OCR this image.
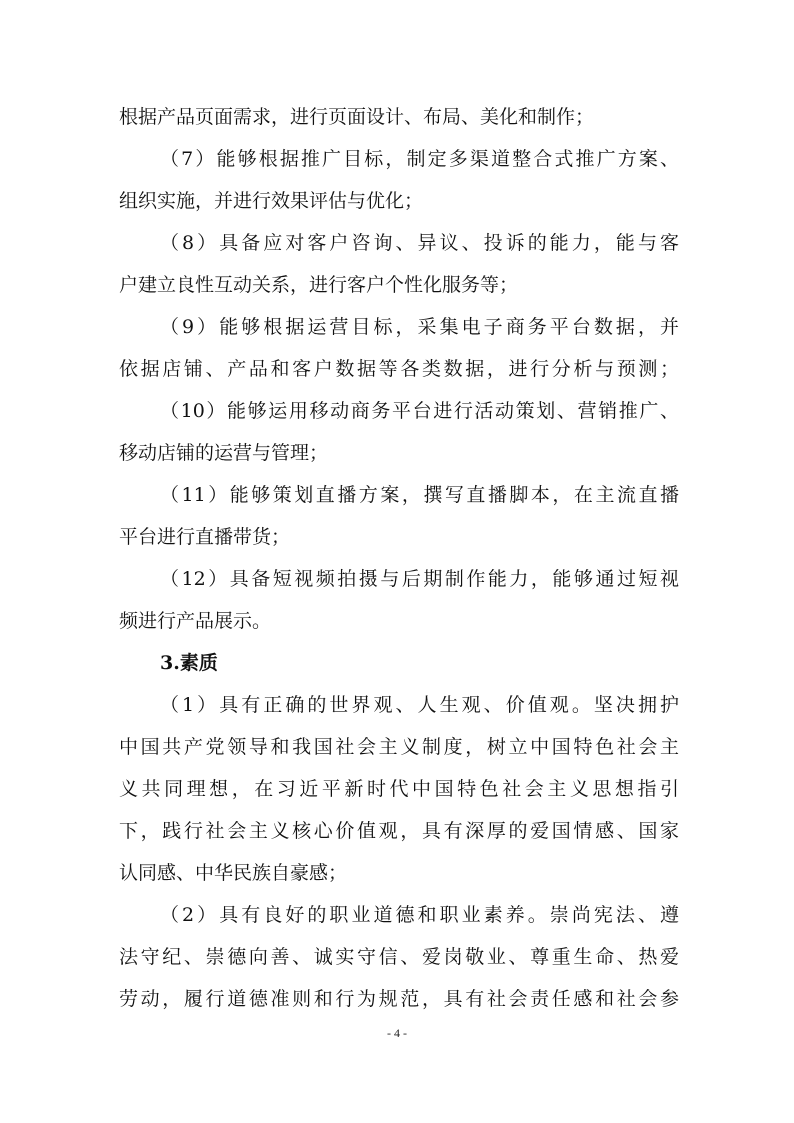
根据产品页面需求，进行页面设计、布局、美化和制作；
（7）能够根据推广目标，制定多渠道整合式推广方案、
组织实施，并进行效果评估与优化；
（8）具备应对客户咨询、异议、投诉的能力，能与客
户建立良性互动关系，进行客户个性化服务等；
（9）能够根据运营目标，采集电子商务平台数据，并
依据店铺、产品和客户数据等各类数据，进行分析与预测；
（10）能够运用移动商务平台进行活动策划、营销推广、
移动店铺的运营与管理；
（11）能够策划直播方案，撰写直播脚本，在主流直播
平台进行直播带货；
（12）具备短视频拍摄与后期制作能力，能够通过短视
频进行产品展示。
3.素质
（1）具有正确的世界观、人生观、价值观。坚决拥护
中国共产党领导和我国社会主义制度，树立中国特色社会主
义共同理想，在习近平新时代中国特色社会主义思想指引
下，践行社会主义核心价值观，具有深厚的爱国情感、国家
认同感、中华民族自豪感；
（2）具有良好的职业道德和职业素养。崇尚宪法、遵
法守纪、崇德向善、诚实守信、爱岗敬业、尊重生命、热爱
劳动，履行道德准则和行为规范，具有社会责任感和社会参
- 4 -
